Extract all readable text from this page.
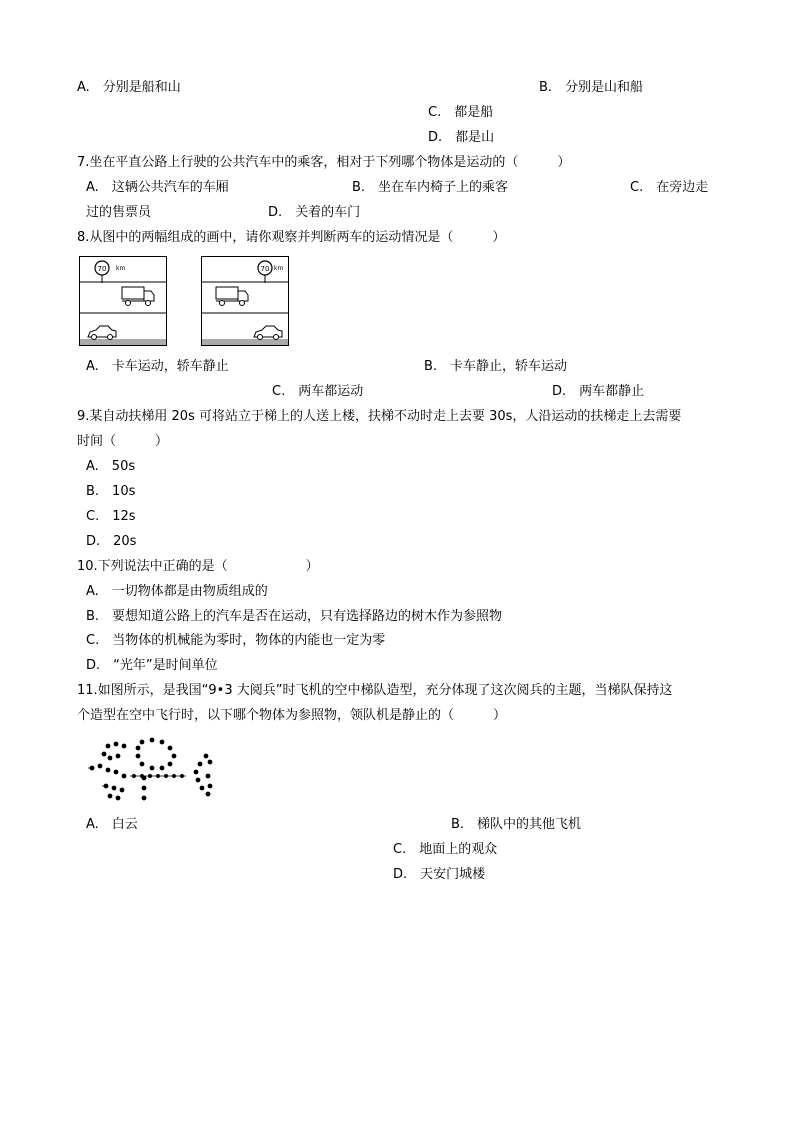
A.　分别是船和山	B.　分别是山和船
C.　都是船
D.　都是山
7.坐在平直公路上行驶的公共汽车中的乘客，相对于下列哪个物体是运动的（　　　）
A.　这辆公共汽车的车厢	B.　坐在车内椅子上的乘客	C.　在旁边走
过的售票员	D.　关着的车门
8.从图中的两幅组成的画中，请你观察并判断两车的运动情况是（　　　）
70 km	70 km
A.　卡车运动，轿车静止	B.　卡车静止，轿车运动
C.　两车都运动	D.　两车都静止
9.某自动扶梯用 20s 可将站立于梯上的人送上楼，扶梯不动时走上去要 30s，人沿运动的扶梯走上去需要
时间（　　　）
A.　50s
B.　10s
C.　12s
D.　20s
10.下列说法中正确的是（　　　　　　）
A.　一切物体都是由物质组成的
B.　要想知道公路上的汽车是否在运动，只有选择路边的树木作为参照物
C.　当物体的机械能为零时，物体的内能也一定为零
D.　“光年”是时间单位
11.如图所示，是我国“9•3 大阅兵”时飞机的空中梯队造型，充分体现了这次阅兵的主题，当梯队保持这
个造型在空中飞行时，以下哪个物体为参照物，领队机是静止的（　　　）
A.　白云	B.　梯队中的其他飞机
C.　地面上的观众
D.　天安门城楼
